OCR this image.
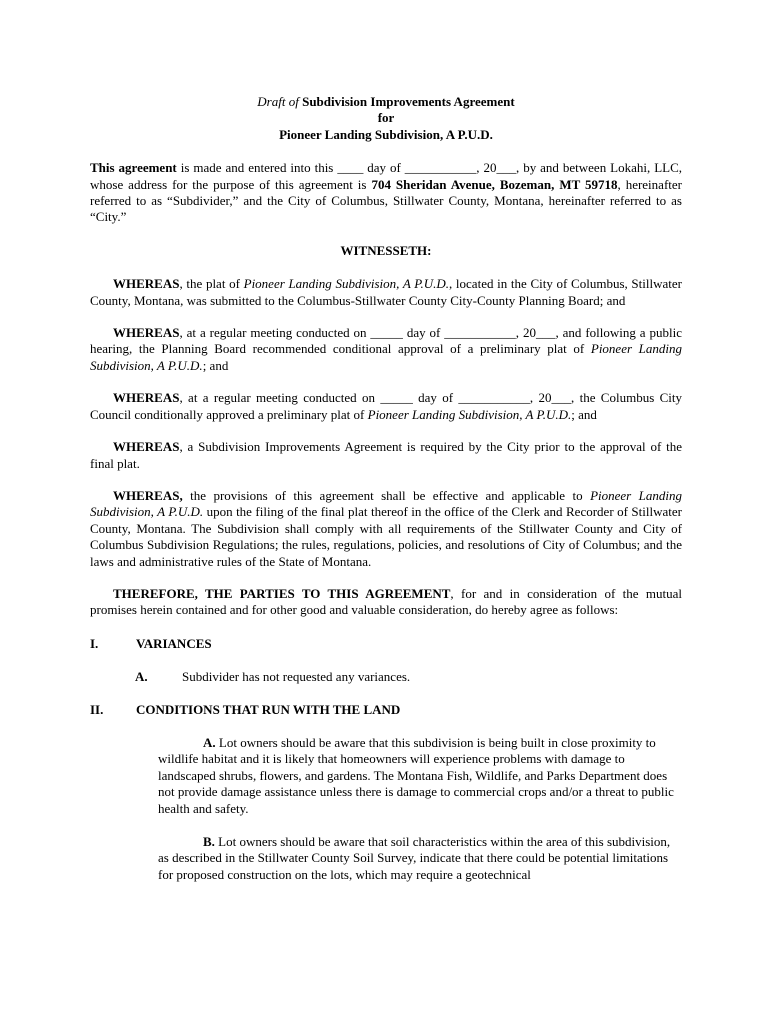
Draft of Subdivision Improvements Agreement

for

Pioneer Landing Subdivision, A P.U.D.

This agreement is made and entered into this ____ day of ___________, 20___, by and between Lokahi, LLC, whose address for the purpose of this agreement is 704 Sheridan Avenue, Bozeman, MT 59718, hereinafter referred to as “Subdivider,” and the City of Columbus, Stillwater County, Montana, hereinafter referred to as “City.”

WITNESSETH:

WHEREAS, the plat of Pioneer Landing Subdivision, A P.U.D., located in the City of Columbus, Stillwater County, Montana, was submitted to the Columbus-Stillwater County City-County Planning Board; and

WHEREAS, at a regular meeting conducted on _____ day of ___________, 20___, and following a public hearing, the Planning Board recommended conditional approval of a preliminary plat of Pioneer Landing Subdivision, A P.U.D.; and

WHEREAS, at a regular meeting conducted on _____ day of ___________, 20___, the Columbus City Council conditionally approved a preliminary plat of Pioneer Landing Subdivision, A P.U.D.; and

WHEREAS, a Subdivision Improvements Agreement is required by the City prior to the approval of the final plat.

WHEREAS, the provisions of this agreement shall be effective and applicable to Pioneer Landing Subdivision, A P.U.D. upon the filing of the final plat thereof in the office of the Clerk and Recorder of Stillwater County, Montana. The Subdivision shall comply with all requirements of the Stillwater County and City of Columbus Subdivision Regulations; the rules, regulations, policies, and resolutions of City of Columbus; and the laws and administrative rules of the State of Montana.

THEREFORE, THE PARTIES TO THIS AGREEMENT, for and in consideration of the mutual promises herein contained and for other good and valuable consideration, do hereby agree as follows:

I.	VARIANCES
A.	Subdivider has not requested any variances.
II.	CONDITIONS THAT RUN WITH THE LAND

A. Lot owners should be aware that this subdivision is being built in close proximity to wildlife habitat and it is likely that homeowners will experience problems with damage to landscaped shrubs, flowers, and gardens. The Montana Fish, Wildlife, and Parks Department does not provide damage assistance unless there is damage to commercial crops and/or a threat to public health and safety.

B. Lot owners should be aware that soil characteristics within the area of this subdivision, as described in the Stillwater County Soil Survey, indicate that there could be potential limitations for proposed construction on the lots, which may require a geotechnical
